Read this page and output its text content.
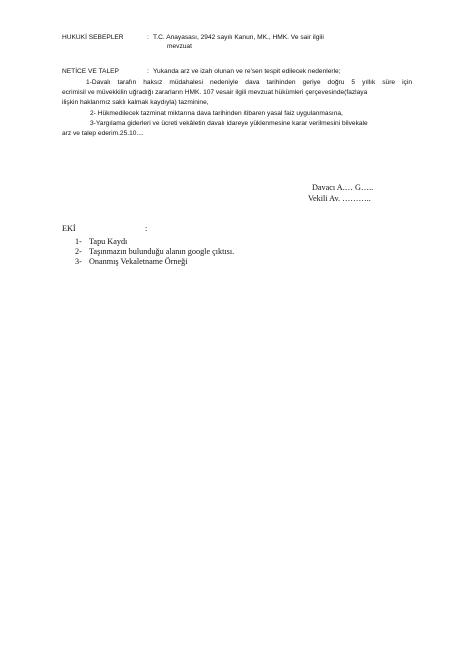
HUKUKİ SEBEPLER	: T.C. Anayasası, 2942 sayılı Kanun, MK., HMK. Ve sair ilgili
mevzuat
NETİCE VE TALEP	: Yukanda arz ve izah olunan ve re’sen tespit edilecek nedenlerle;
1-Davalı tarafın haksız müdahalesi nedeniyle dava tarihinden geriye doğru 5 yıllık süre için
ecrimisil ve müvekkilin uğradığı zararların HMK. 107 vesair ilgili mevzuat hükümleri çerçevesinde(fazlaya
ilişkin haklarımız saklı kalmak kaydıyla) tazminine,
2- Hükmedilecek tazminat miktarına dava tarihinden itibaren yasal faiz uygulanmasına,
3-Yargılama giderleri ve ücreti vekâletin davalı idareye yüklenmesine karar verilmesini bilvekale
arz ve talep ederim.25.10....
Davacı A.… G…..
Vekili Av. ………..
EKİ	:
1- Tapu Kaydı
2- Taşınmazın bulunduğu alanın google çıktısı.
3- Onanmış Vekaletname Örneği
